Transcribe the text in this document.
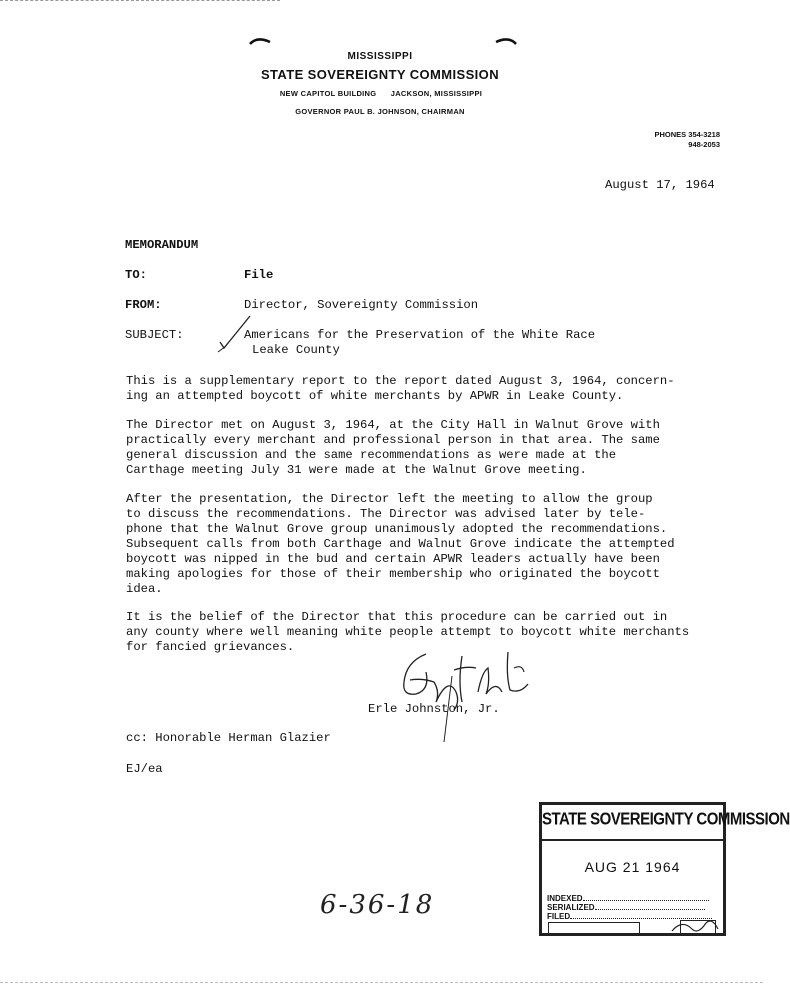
MISSISSIPPI
STATE SOVEREIGNTY COMMISSION
NEW CAPITOL BUILDING JACKSON, MISSISSIPPI
GOVERNOR PAUL B. JOHNSON, CHAIRMAN
PHONES 354-3218
948-2053
August 17, 1964
MEMORANDUM
TO:	File
FROM:	Director, Sovereignty Commission
SUBJECT:	Americans for the Preservation of the White Race
Leake County
This is a supplementary report to the report dated August 3, 1964, concern-
ing an attempted boycott of white merchants by APWR in Leake County.
The Director met on August 3, 1964, at the City Hall in Walnut Grove with
practically every merchant and professional person in that area. The same
general discussion and the same recommendations as were made at the
Carthage meeting July 31 were made at the Walnut Grove meeting.
After the presentation, the Director left the meeting to allow the group
to discuss the recommendations. The Director was advised later by tele-
phone that the Walnut Grove group unanimously adopted the recommendations.
Subsequent calls from both Carthage and Walnut Grove indicate the attempted
boycott was nipped in the bud and certain APWR leaders actually have been
making apologies for those of their membership who originated the boycott
idea.
It is the belief of the Director that this procedure can be carried out in
any county where well meaning white people attempt to boycott white merchants
for fancied grievances.
Erle Johnston, Jr.
cc: Honorable Herman Glazier
EJ/ea
STATE SOVEREIGNTY COMMISSION
AUG 21 1964
INDEXED
SERIALIZED
FILED
6-36-18
